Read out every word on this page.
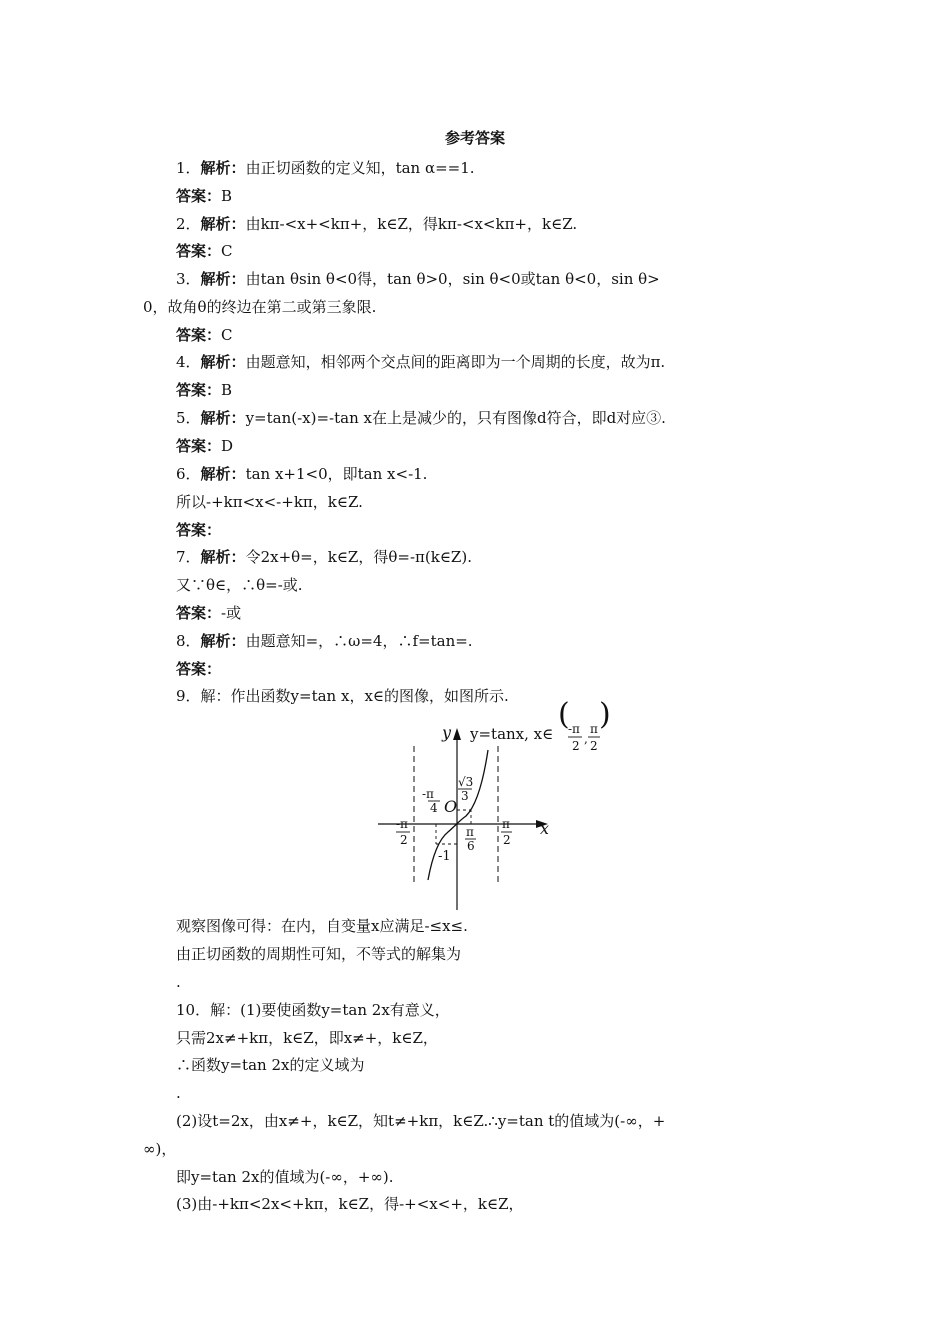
参考答案
1．解析：由正切函数的定义知，tan α==1.
答案：B
2．解析：由kπ-<x+<kπ+，k∈Z，得kπ-<x<kπ+，k∈Z.
答案：C
3．解析：由tan θsin θ<0得，tan θ>0，sin θ<0或tan θ<0，sin θ>
0，故角θ的终边在第二或第三象限.
答案：C
4．解析：由题意知，相邻两个交点间的距离即为一个周期的长度，故为π.
答案：B
5．解析：y=tan(-x)=-tan x在上是减少的，只有图像d符合，即d对应③.
答案：D
6．解析：tan x+1<0，即tan x<-1.
所以-+kπ<x<-+kπ，k∈Z.
答案：
7．解析：令2x+θ=，k∈Z，得θ=-π(k∈Z).
又∵θ∈，∴θ=-或.
答案：-或
8．解析：由题意知=，∴ω=4，∴f=tan=.
答案：
9．解：作出函数y=tan x，x∈的图像，如图所示.
y
x
O
y=tanx, x∈
( )
-π
2 ,
π
2
-π
2
π
2
π
6
-π
4
√3
3
-1
观察图像可得：在内，自变量x应满足-≤x≤.
由正切函数的周期性可知，不等式的解集为
.
10．解：(1)要使函数y=tan 2x有意义，
只需2x≠+kπ，k∈Z，即x≠+，k∈Z，
∴函数y=tan 2x的定义域为
.
(2)设t=2x，由x≠+，k∈Z，知t≠+kπ，k∈Z.∴y=tan t的值域为(-∞，+
∞)，
即y=tan 2x的值域为(-∞，+∞).
(3)由-+kπ<2x<+kπ，k∈Z，得-+<x<+，k∈Z，
